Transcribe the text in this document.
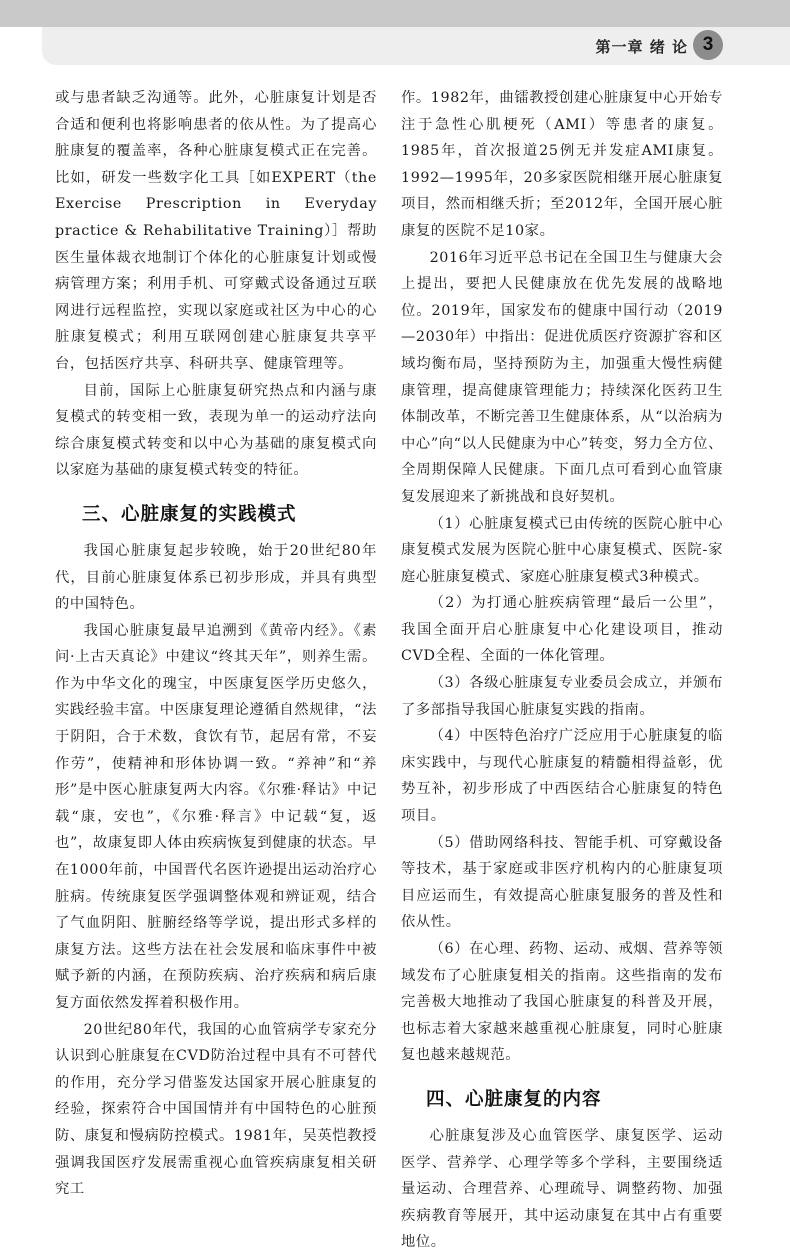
第一章 绪 论 3

或与患者缺乏沟通等。此外，心脏康复计划是否合适和便利也将影响患者的依从性。为了提高心脏康复的覆盖率，各种心脏康复模式正在完善。比如，研发一些数字化工具［如EXPERT（the Exercise Prescription in Everyday practice & Rehabilitative Training）］帮助医生量体裁衣地制订个体化的心脏康复计划或慢病管理方案；利用手机、可穿戴式设备通过互联网进行远程监控，实现以家庭或社区为中心的心脏康复模式；利用互联网创建心脏康复共享平台，包括医疗共享、科研共享、健康管理等。

目前，国际上心脏康复研究热点和内涵与康复模式的转变相一致，表现为单一的运动疗法向综合康复模式转变和以中心为基础的康复模式向以家庭为基础的康复模式转变的特征。

三、心脏康复的实践模式

我国心脏康复起步较晚，始于20世纪80年代，目前心脏康复体系已初步形成，并具有典型的中国特色。

我国心脏康复最早追溯到《黄帝内经》。《素问·上古天真论》中建议“终其天年”，则养生需。作为中华文化的瑰宝，中医康复医学历史悠久，实践经验丰富。中医康复理论遵循自然规律，“法于阴阳，合于术数，食饮有节，起居有常，不妄作劳”，使精神和形体协调一致。“养神”和“养形”是中医心脏康复两大内容。《尔雅·释诂》中记载“康，安也”，《尔雅·释言》中记载“复，返也”，故康复即人体由疾病恢复到健康的状态。早在1000年前，中国晋代名医许逊提出运动治疗心脏病。传统康复医学强调整体观和辨证观，结合了气血阴阳、脏腑经络等学说，提出形式多样的康复方法。这些方法在社会发展和临床事件中被赋予新的内涵，在预防疾病、治疗疾病和病后康复方面依然发挥着积极作用。

20世纪80年代，我国的心血管病学专家充分认识到心脏康复在CVD防治过程中具有不可替代的作用，充分学习借鉴发达国家开展心脏康复的经验，探索符合中国国情并有中国特色的心脏预防、康复和慢病防控模式。1981年，吴英恺教授强调我国医疗发展需重视心血管疾病康复相关研究工

作。1982年，曲镭教授创建心脏康复中心开始专注于急性心肌梗死（AMI）等患者的康复。1985年，首次报道25例无并发症AMI康复。1992—1995年，20多家医院相继开展心脏康复项目，然而相继夭折；至2012年，全国开展心脏康复的医院不足10家。

2016年习近平总书记在全国卫生与健康大会上提出，要把人民健康放在优先发展的战略地位。2019年，国家发布的健康中国行动（2019—2030年）中指出：促进优质医疗资源扩容和区域均衡布局，坚持预防为主，加强重大慢性病健康管理，提高健康管理能力；持续深化医药卫生体制改革，不断完善卫生健康体系，从“以治病为中心”向“以人民健康为中心”转变，努力全方位、全周期保障人民健康。下面几点可看到心血管康复发展迎来了新挑战和良好契机。

（1）心脏康复模式已由传统的医院心脏中心康复模式发展为医院心脏中心康复模式、医院-家庭心脏康复模式、家庭心脏康复模式3种模式。

（2）为打通心脏疾病管理“最后一公里”，我国全面开启心脏康复中心化建设项目，推动CVD全程、全面的一体化管理。

（3）各级心脏康复专业委员会成立，并颁布了多部指导我国心脏康复实践的指南。

（4）中医特色治疗广泛应用于心脏康复的临床实践中，与现代心脏康复的精髓相得益彰，优势互补，初步形成了中西医结合心脏康复的特色项目。

（5）借助网络科技、智能手机、可穿戴设备等技术，基于家庭或非医疗机构内的心脏康复项目应运而生，有效提高心脏康复服务的普及性和依从性。

（6）在心理、药物、运动、戒烟、营养等领域发布了心脏康复相关的指南。这些指南的发布完善极大地推动了我国心脏康复的科普及开展，也标志着大家越来越重视心脏康复，同时心脏康复也越来越规范。

四、心脏康复的内容

心脏康复涉及心血管医学、康复医学、运动医学、营养学、心理学等多个学科，主要围绕适量运动、合理营养、心理疏导、调整药物、加强疾病教育等展开，其中运动康复在其中占有重要地位。
